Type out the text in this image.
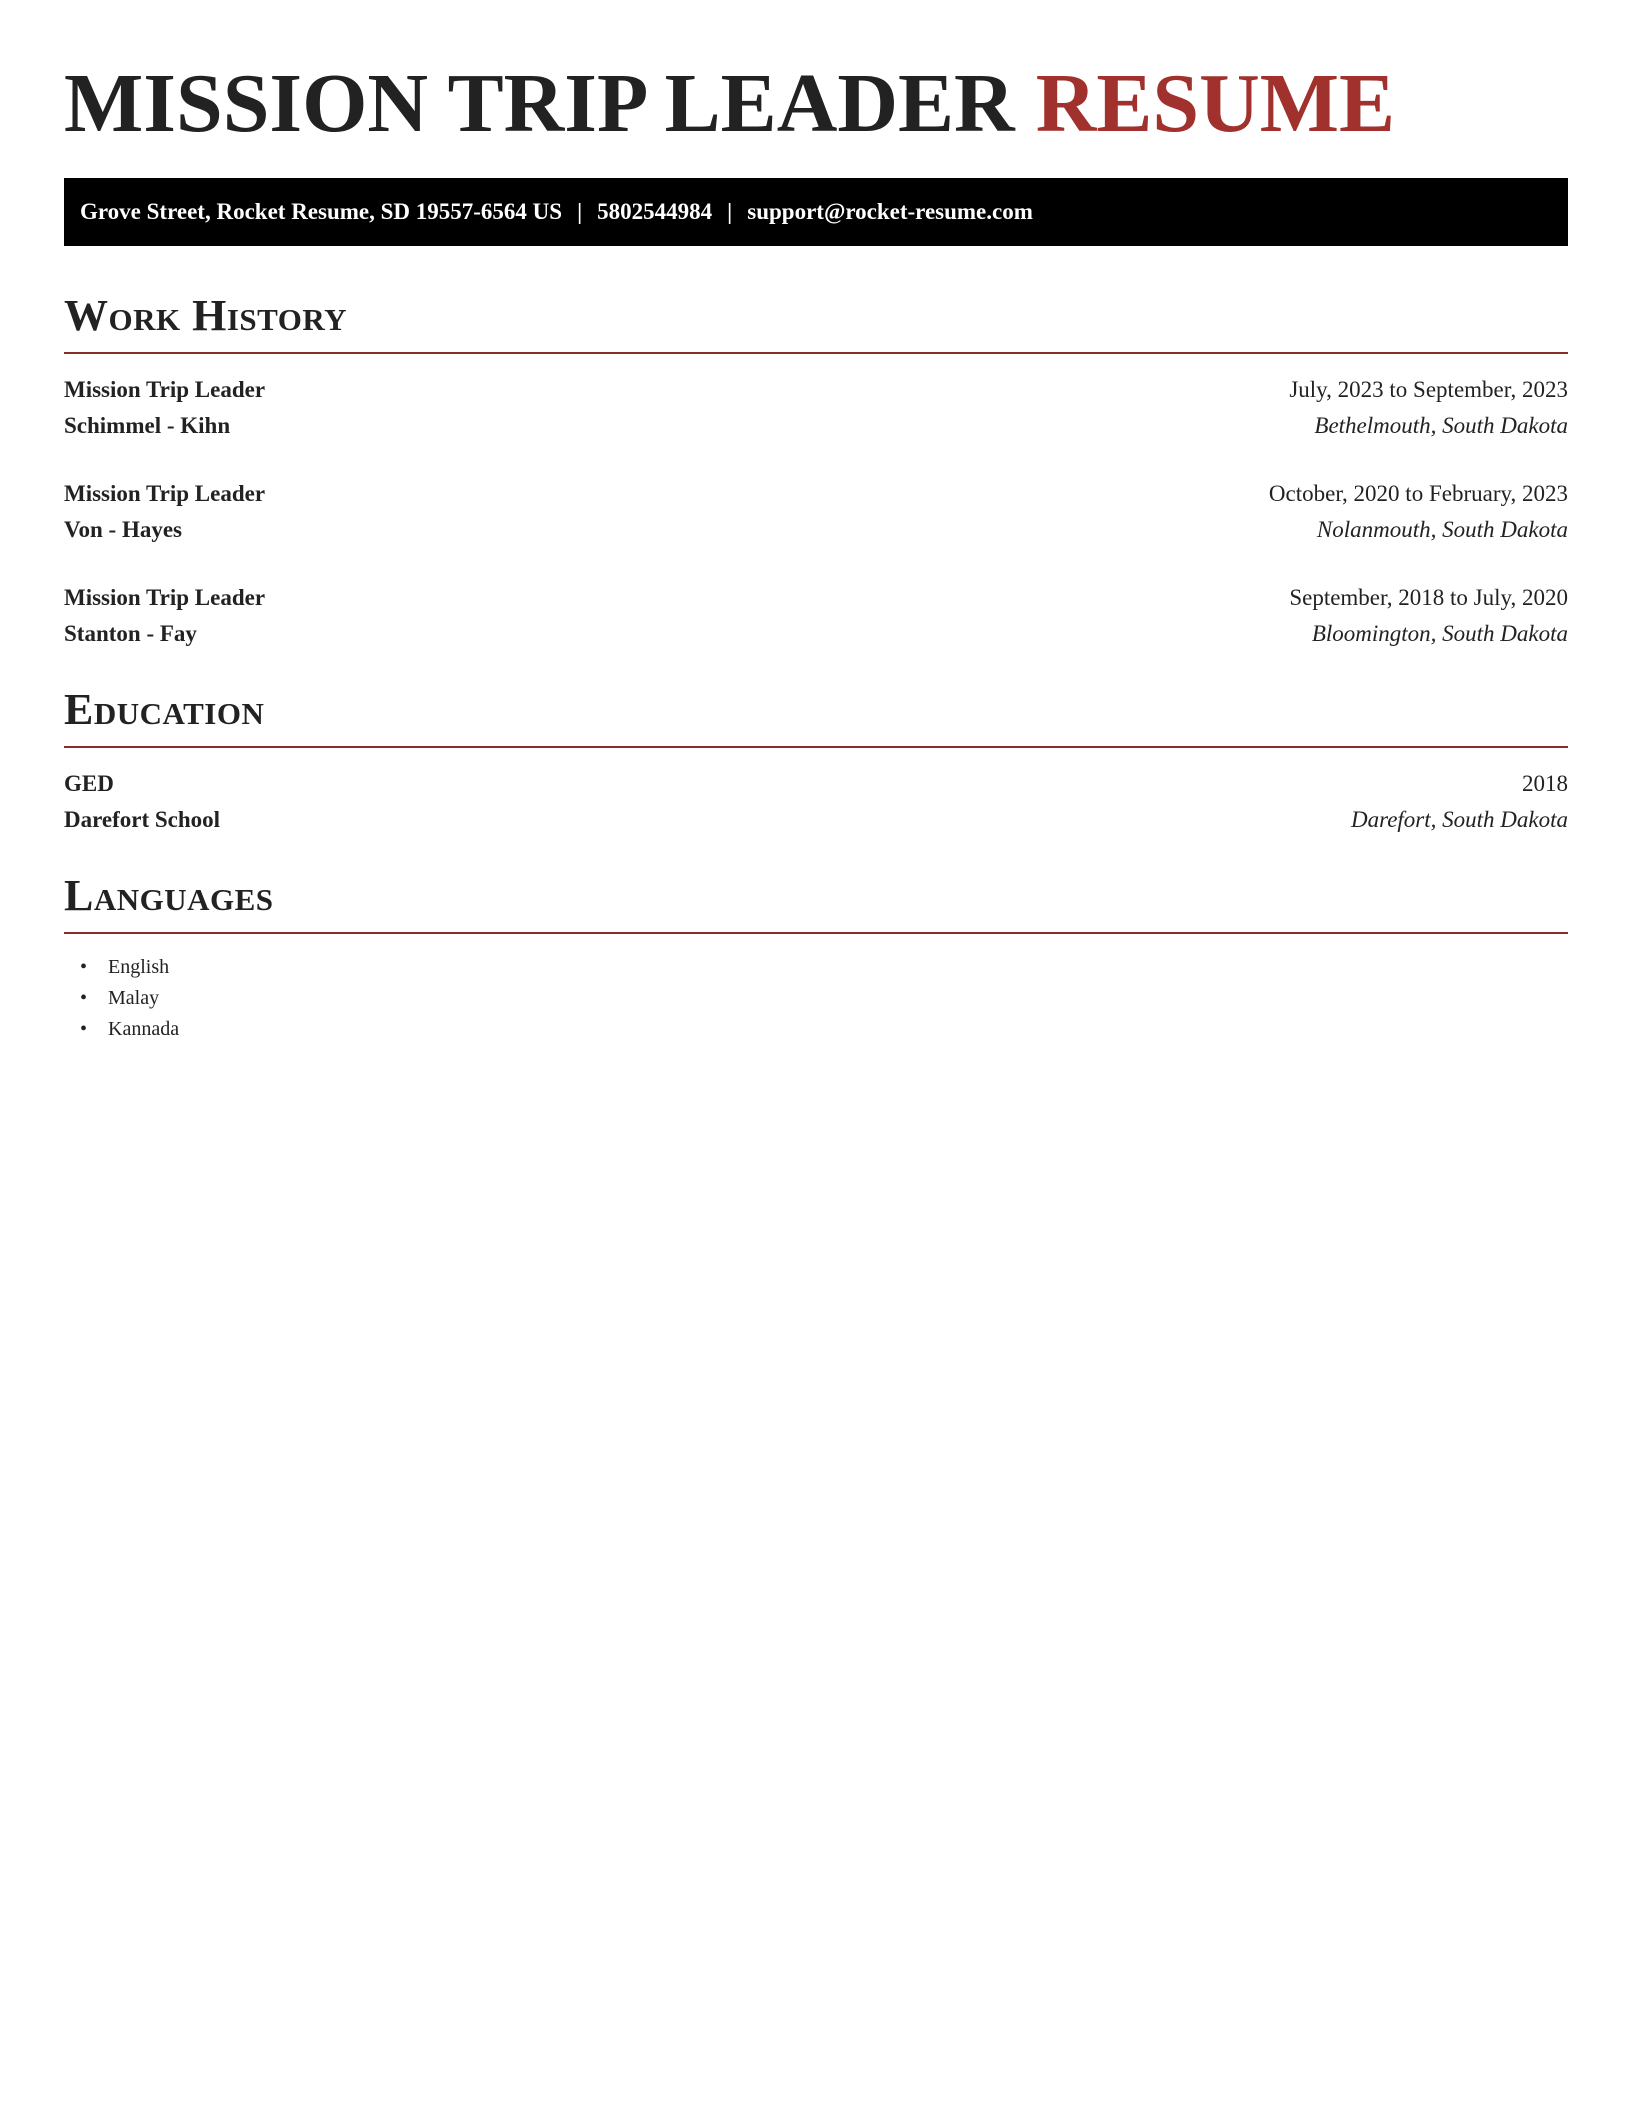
MISSION TRIP LEADER RESUME
Grove Street, Rocket Resume, SD 19557-6564 US | 5802544984 | support@rocket-resume.com
Work History
Mission Trip Leader	July, 2023 to September, 2023
Schimmel - Kihn	Bethelmouth, South Dakota
Mission Trip Leader	October, 2020 to February, 2023
Von - Hayes	Nolanmouth, South Dakota
Mission Trip Leader	September, 2018 to July, 2020
Stanton - Fay	Bloomington, South Dakota
Education
GED	2018
Darefort School	Darefort, South Dakota
Languages
• English
• Malay
• Kannada
